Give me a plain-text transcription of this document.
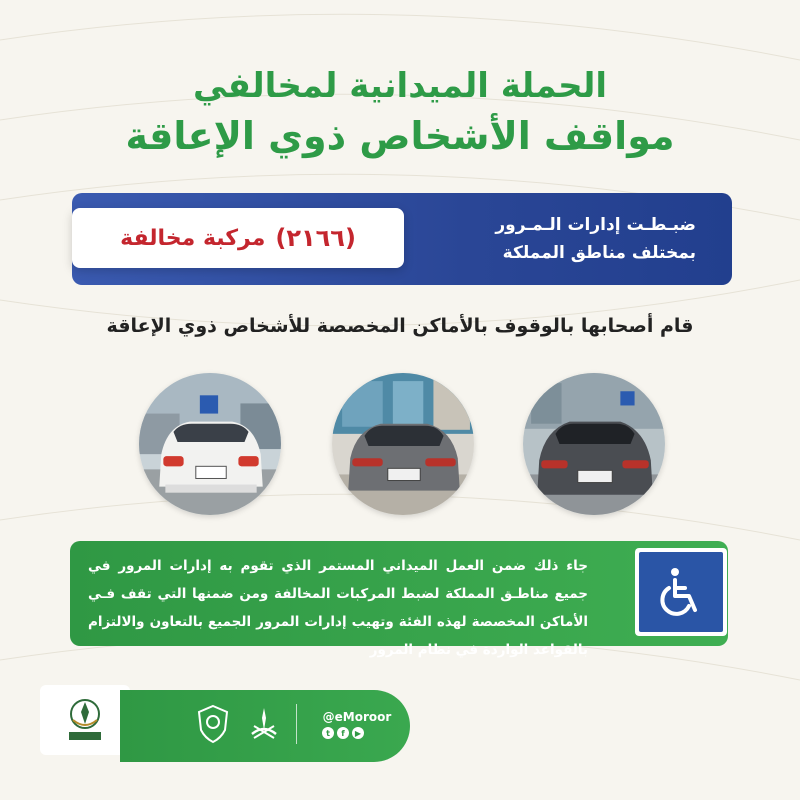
الحملة الميدانية لمخالفي
مواقف الأشخاص ذوي الإعاقة
ضبـطـت إدارات الـمـرور
بمختلف مناطق المملكة
(٢١٦٦)
مركبة مخالفة
قام أصحابها بالوقوف بالأماكن المخصصة للأشخاص ذوي الإعاقة
جاء ذلك ضمن العمل الميداني المستمر الذي تقوم به إدارات المرور في جميع مناطـق المملكة لضبط المركبات المخالفة ومن ضمنها التي تقف فـي الأماكن المخصصة لهذه الفئة وتهيب إدارات المرور الجميع بالتعاون والالتزام بالقواعد الواردة في نظام المرور
@eMoroor
t	f	▶
